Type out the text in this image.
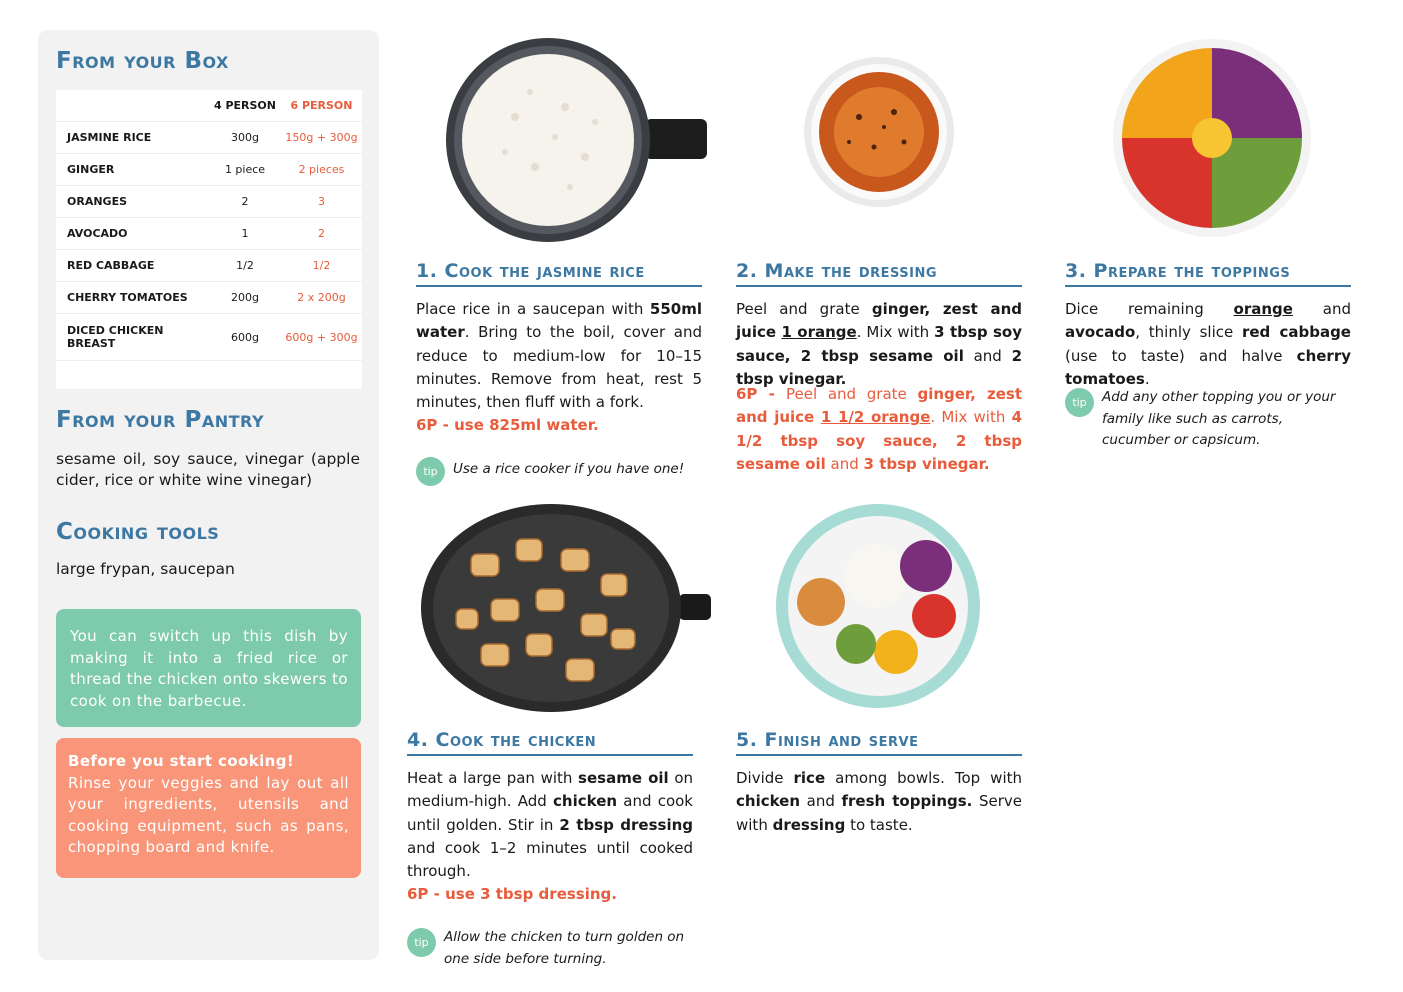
From your Box
	4 PERSON	6 PERSON
JASMINE RICE	300g	150g + 300g
GINGER	1 piece	2 pieces
ORANGES	2	3
AVOCADO	1	2
RED CABBAGE	1/2	1/2
CHERRY TOMATOES	200g	2 x 200g
DICED CHICKEN BREAST	600g	600g + 300g

From your Pantry
sesame oil, soy sauce, vinegar (apple cider, rice or white wine vinegar)
Cooking tools
large frypan, saucepan
You can switch up this dish by making it into a fried rice or thread the chicken onto skewers to cook on the barbecue.
Before you start cooking!
Rinse your veggies and lay out all your ingredients, utensils and cooking equipment, such as pans, chopping board and knife.
1. Cook the jasmine rice
Place rice in a saucepan with 550ml water. Bring to the boil, cover and reduce to medium-low for 10–15 minutes. Remove from heat, rest 5 minutes, then fluff with a fork.
6P - use 825ml water.
tip	Use a rice cooker if you have one!
2. Make the dressing
Peel and grate ginger, zest and juice 1 orange. Mix with 3 tbsp soy sauce, 2 tbsp sesame oil and 2 tbsp vinegar.
6P - Peel and grate ginger, zest and juice 1 1/2 orange. Mix with 4 1/2 tbsp soy sauce, 2 tbsp sesame oil and 3 tbsp vinegar.
3. Prepare the toppings
Dice remaining orange and avocado, thinly slice red cabbage (use to taste) and halve cherry tomatoes.
tip	Add any other topping you or your family like such as carrots, cucumber or capsicum.
4. Cook the chicken
Heat a large pan with sesame oil on medium-high. Add chicken and cook until golden. Stir in 2 tbsp dressing and cook 1–2 minutes until cooked through.
6P - use 3 tbsp dressing.
tip	Allow the chicken to turn golden on one side before turning.
5. Finish and serve
Divide rice among bowls. Top with chicken and fresh toppings. Serve with dressing to taste.
